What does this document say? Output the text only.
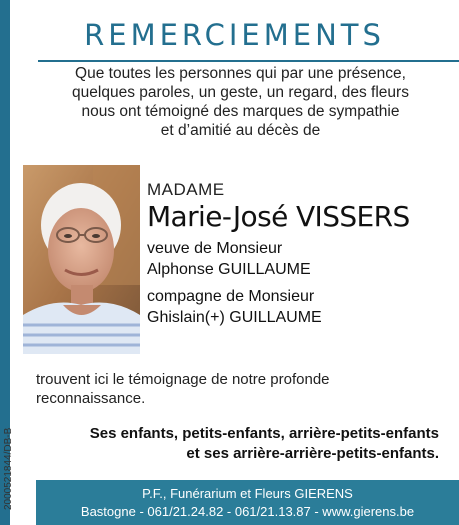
REMERCIEMENTS
Que toutes les personnes qui par une présence,
quelques paroles, un geste, un regard, des fleurs
nous ont témoigné des marques de sympathie
et d’amitié au décès de
MADAME
Marie-José VISSERS
veuve de Monsieur
Alphonse GUILLAUME
compagne de Monsieur
Ghislain(+) GUILLAUME
trouvent ici le témoignage de notre profonde
reconnaissance.
Ses enfants, petits-enfants, arrière-petits-enfants
et ses arrière-arrière-petits-enfants.
2000521844/DB-B	P.F., Funérarium et Fleurs GIERENS
Bastogne - 061/21.24.82 - 061/21.13.87 - www.gierens.be
